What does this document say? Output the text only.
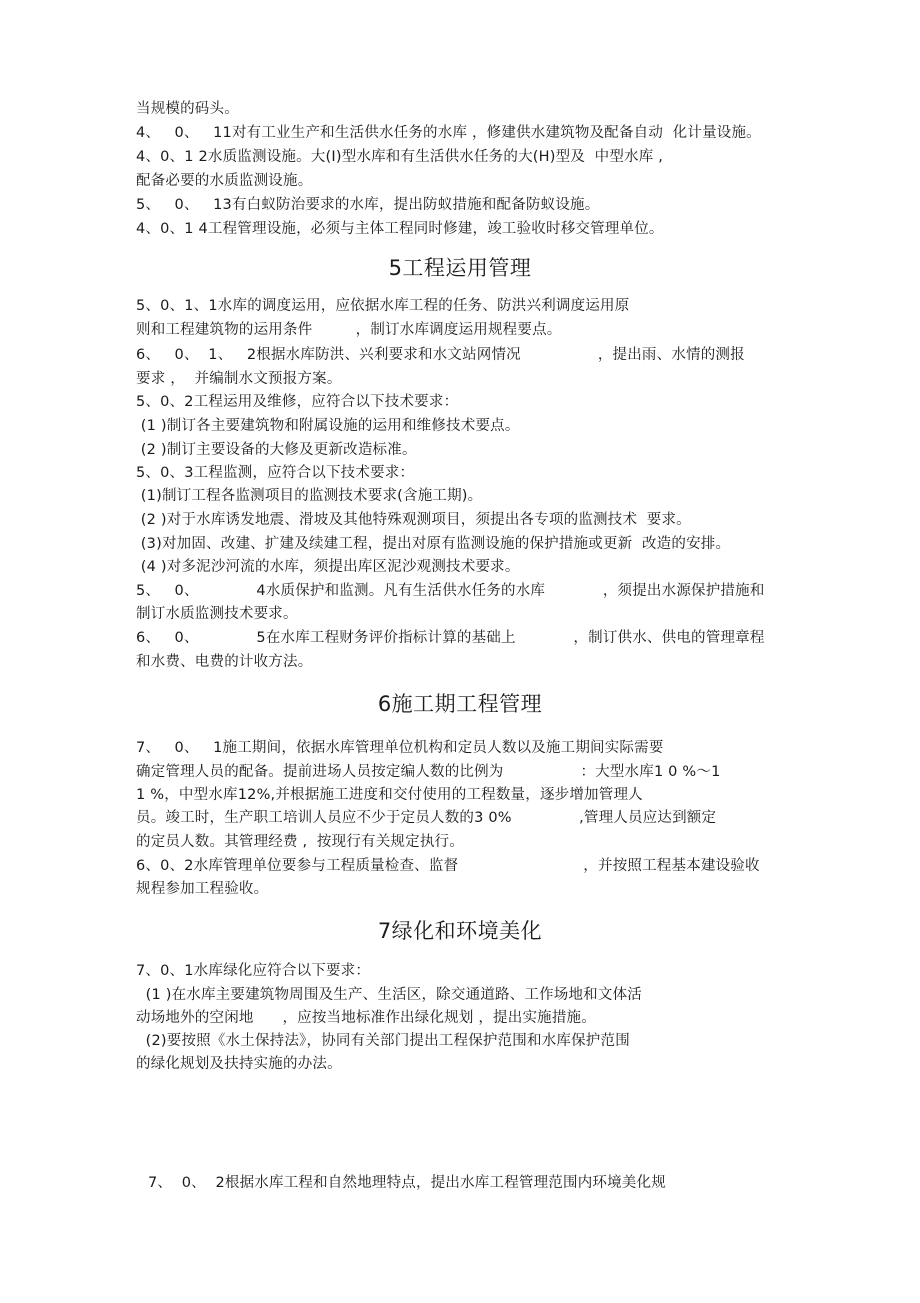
当规模的码头。
4、   0、   11对有工业生产和生活供水任务的水库 ，修建供水建筑物及配备自动  化计量设施。
4、0、1 2水质监测设施。大(I)型水库和有生活供水任务的大(H)型及  中型水库 ,
配备必要的水质监测设施。
5、   0、   13有白蚁防治要求的水库，提出防蚁措施和配备防蚁设施。
4、0、1 4工程管理设施，必须与主体工程同时修建，竣工验收时移交管理单位。
5工程运用管理
5、0、1、1水库的调度运用，应依据水库工程的任务、防洪兴利调度运用原
则和工程建筑物的运用条件         ，制订水库调度运用规程要点。
6、   0、  1、   2根据水库防洪、兴利要求和水文站网情况                ，提出雨、水情的测报
要求 ，  并编制水文预报方案。
5、0、2工程运用及维修，应符合以下技术要求：
(1 )制订各主要建筑物和附属设施的运用和维修技术要点。
(2 )制订主要设备的大修及更新改造标准。
5、0、3工程监测，应符合以下技术要求：
(1)制订工程各监测项目的监测技术要求(含施工期)。
(2 )对于水库诱发地震、滑坡及其他特殊观测项目，须提出各专项的监测技术  要求。
(3)对加固、改建、扩建及续建工程，提出对原有监测设施的保护措施或更新  改造的安排。
(4 )对多泥沙河流的水库，须提出库区泥沙观测技术要求。
5、   0、            4水质保护和监测。凡有生活供水任务的水库            ，须提出水源保护措施和
制订水质监测技术要求。
6、   0、            5在水库工程财务评价指标计算的基础上            ，制订供水、供电的管理章程
和水费、电费的计收方法。
6施工期工程管理
7、   0、   1施工期间，依据水库管理单位机构和定员人数以及施工期间实际需要
确定管理人员的配备。提前进场人员按定编人数的比例为                ：大型水库1 0 %〜1
1 %，中型水库12%,并根据施工进度和交付使用的工程数量，逐步增加管理人
员。竣工时，生产职工培训人员应不少于定员人数的3 0%              ,管理人员应达到额定
的定员人数。其管理经费 ,  按现行有关规定执行。
6、0、2水库管理单位要参与工程质量检查、监督                          ，并按照工程基本建设验收
规程参加工程验收。
7绿化和环境美化
7、0、1水库绿化应符合以下要求：
(1 )在水库主要建筑物周围及生产、生活区，除交通道路、工作场地和文体活
动场地外的空闲地      ，应按当地标准作出绿化规划 ，提出实施措施。
(2)要按照《水土保持法》，协同有关部门提出工程保护范围和水库保护范围
的绿化规划及扶持实施的办法。
7、  0、  2根据水库工程和自然地理特点，提出水库工程管理范围内环境美化规
